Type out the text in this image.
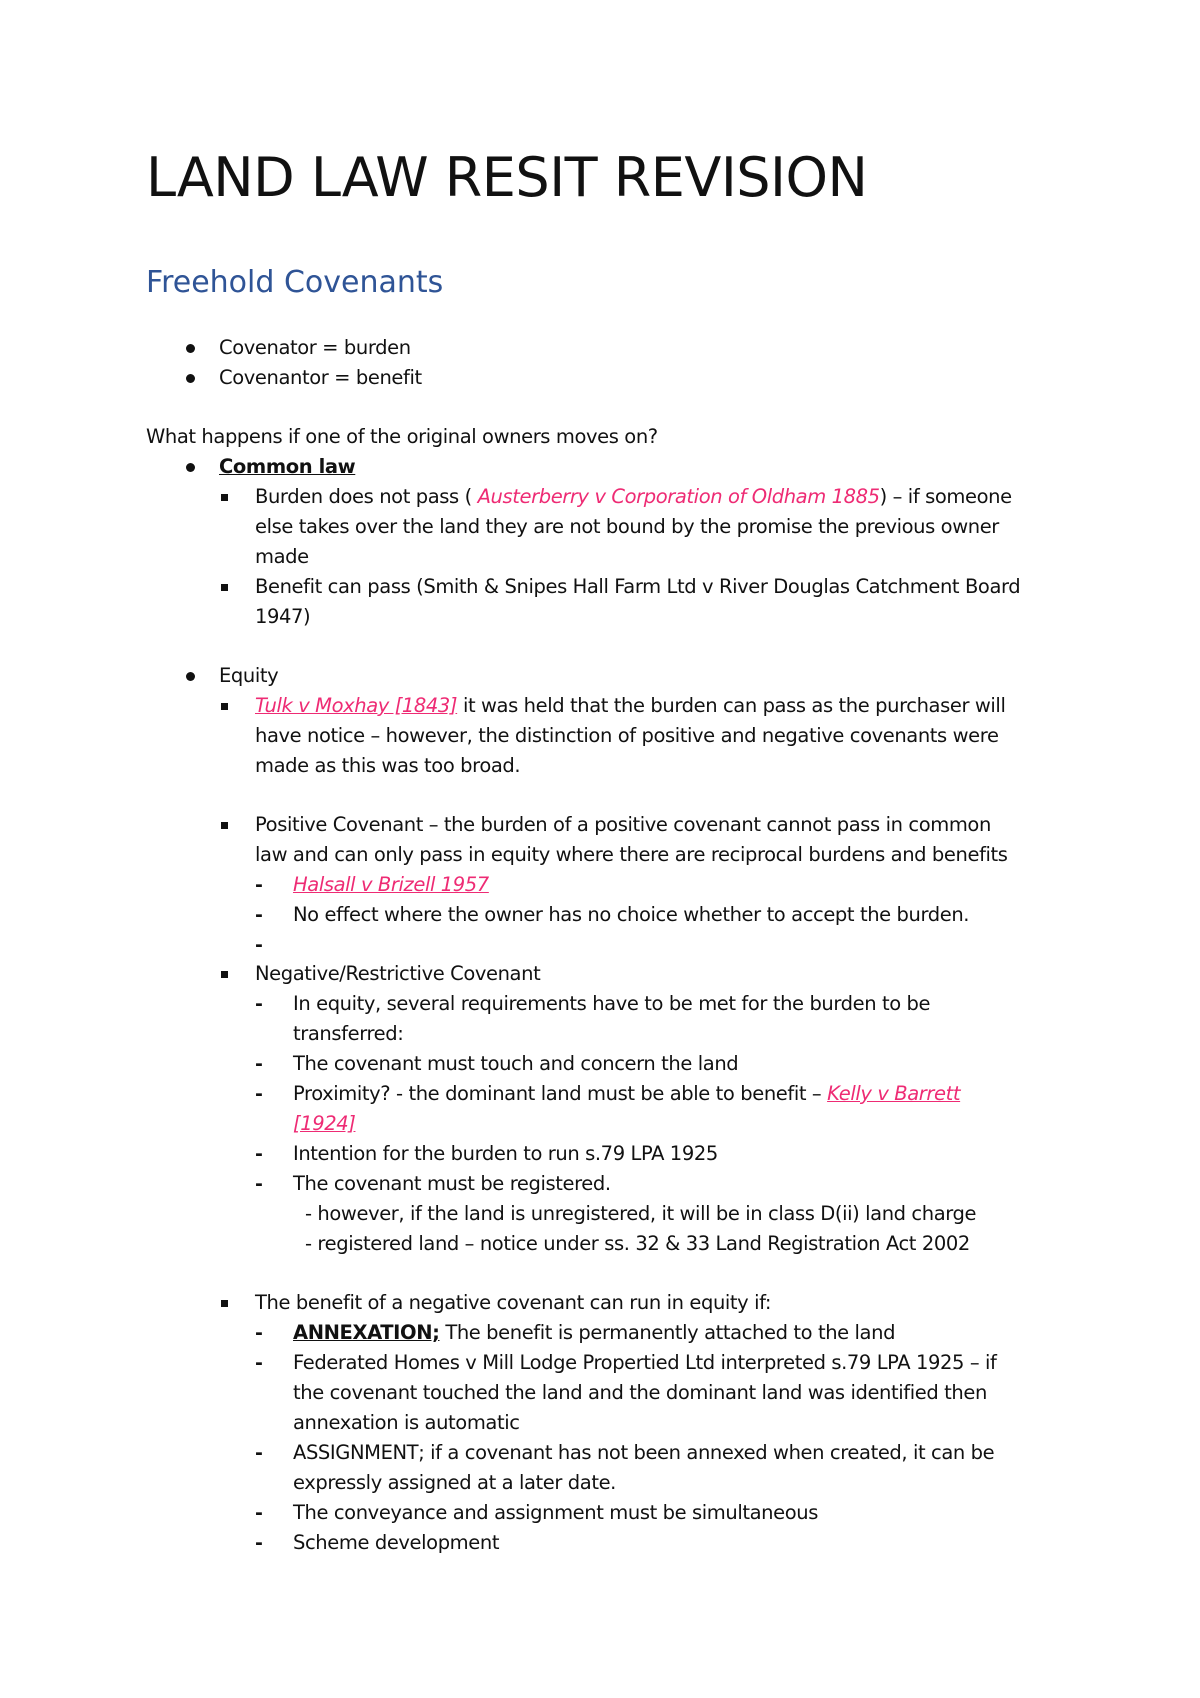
LAND LAW RESIT REVISION
Freehold Covenants
Covenator = burden
Covenantor = benefit
What happens if one of the original owners moves on?
Common law
Burden does not pass ( Austerberry v Corporation of Oldham 1885) – if someone
else takes over the land they are not bound by the promise the previous owner
made
Benefit can pass (Smith & Snipes Hall Farm Ltd v River Douglas Catchment Board
1947)
Equity
Tulk v Moxhay [1843] it was held that the burden can pass as the purchaser will
have notice – however, the distinction of positive and negative covenants were
made as this was too broad.
Positive Covenant – the burden of a positive covenant cannot pass in common
law and can only pass in equity where there are reciprocal burdens and benefits
- Halsall v Brizell 1957
- No effect where the owner has no choice whether to accept the burden.
-
Negative/Restrictive Covenant
- In equity, several requirements have to be met for the burden to be
transferred:
- The covenant must touch and concern the land
- Proximity? - the dominant land must be able to benefit – Kelly v Barrett
[1924]
- Intention for the burden to run s.79 LPA 1925
- The covenant must be registered.
- however, if the land is unregistered, it will be in class D(ii) land charge
- registered land – notice under ss. 32 & 33 Land Registration Act 2002
The benefit of a negative covenant can run in equity if:
- ANNEXATION; The benefit is permanently attached to the land
- Federated Homes v Mill Lodge Propertied Ltd interpreted s.79 LPA 1925 – if
the covenant touched the land and the dominant land was identified then
annexation is automatic
- ASSIGNMENT; if a covenant has not been annexed when created, it can be
expressly assigned at a later date.
- The conveyance and assignment must be simultaneous
- Scheme development
